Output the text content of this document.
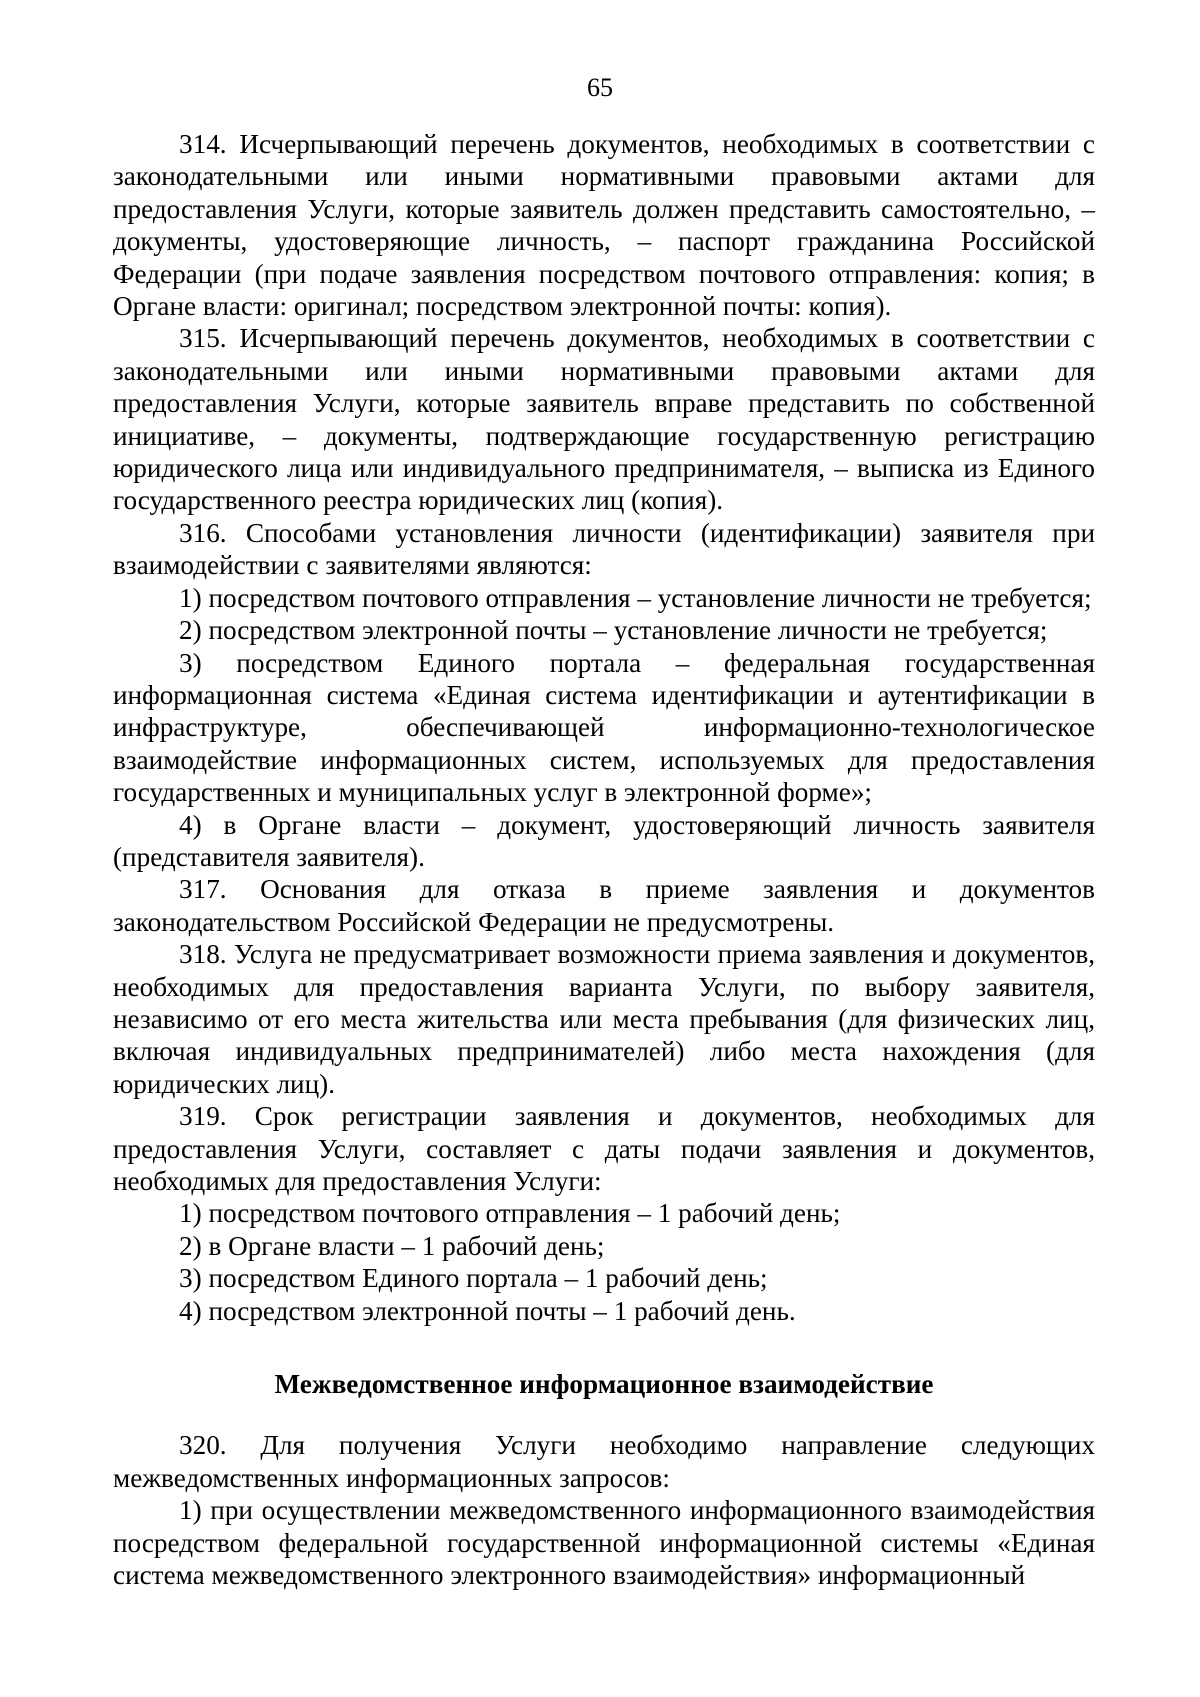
65

314. Исчерпывающий перечень документов, необходимых в соответствии с законодательными или иными нормативными правовыми актами для предоставления Услуги, которые заявитель должен представить самостоятельно, – документы, удостоверяющие личность, – паспорт гражданина Российской Федерации (при подаче заявления посредством почтового отправления: копия; в Органе власти: оригинал; посредством электронной почты: копия).

315. Исчерпывающий перечень документов, необходимых в соответствии с законодательными или иными нормативными правовыми актами для предоставления Услуги, которые заявитель вправе представить по собственной инициативе, – документы, подтверждающие государственную регистрацию юридического лица или индивидуального предпринимателя, – выписка из Единого государственного реестра юридических лиц (копия).

316. Способами установления личности (идентификации) заявителя при взаимодействии с заявителями являются:

1) посредством почтового отправления – установление личности не требуется;

2) посредством электронной почты – установление личности не требуется;

3) посредством Единого портала – федеральная государственная информационная система «Единая система идентификации и аутентификации в инфраструктуре, обеспечивающей информационно-технологическое взаимодействие информационных систем, используемых для предоставления государственных и муниципальных услуг в электронной форме»;

4) в Органе власти – документ, удостоверяющий личность заявителя (представителя заявителя).

317. Основания для отказа в приеме заявления и документов законодательством Российской Федерации не предусмотрены.

318. Услуга не предусматривает возможности приема заявления и документов, необходимых для предоставления варианта Услуги, по выбору заявителя, независимо от его места жительства или места пребывания (для физических лиц, включая индивидуальных предпринимателей) либо места нахождения (для юридических лиц).

319. Срок регистрации заявления и документов, необходимых для предоставления Услуги, составляет с даты подачи заявления и документов, необходимых для предоставления Услуги:

1) посредством почтового отправления – 1 рабочий день;

2) в Органе власти – 1 рабочий день;

3) посредством Единого портала – 1 рабочий день;

4) посредством электронной почты – 1 рабочий день.

Межведомственное информационное взаимодействие

320. Для получения Услуги необходимо направление следующих межведомственных информационных запросов:

1) при осуществлении межведомственного информационного взаимодействия посредством федеральной государственной информационной системы «Единая система межведомственного электронного взаимодействия» информационный
